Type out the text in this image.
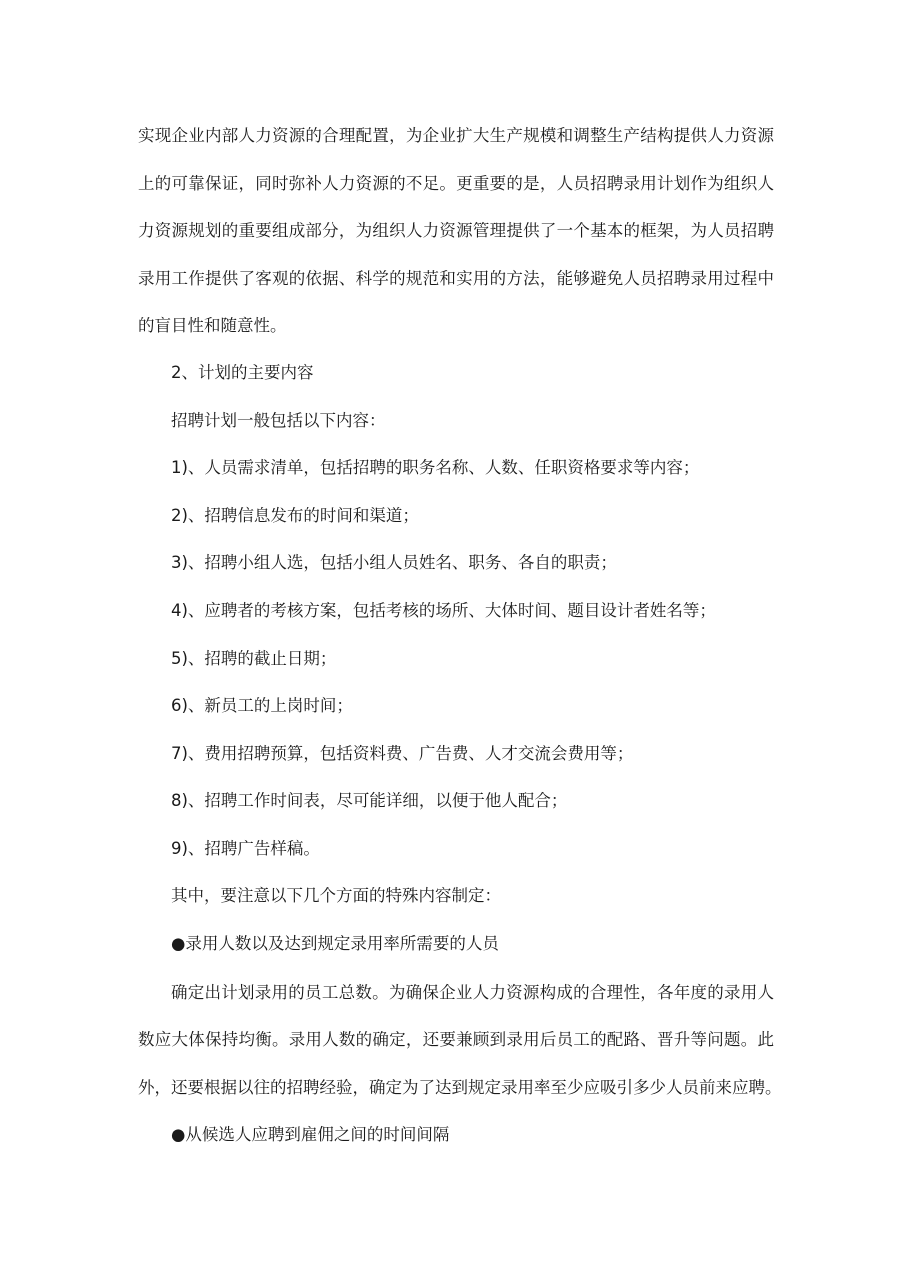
实现企业内部人力资源的合理配置，为企业扩大生产规模和调整生产结构提供人力资源

上的可靠保证，同时弥补人力资源的不足。更重要的是，人员招聘录用计划作为组织人

力资源规划的重要组成部分，为组织人力资源管理提供了一个基本的框架，为人员招聘

录用工作提供了客观的依据、科学的规范和实用的方法，能够避免人员招聘录用过程中

的盲目性和随意性。

2、计划的主要内容

招聘计划一般包括以下内容：

1)、人员需求清单，包括招聘的职务名称、人数、任职资格要求等内容；

2)、招聘信息发布的时间和渠道；

3)、招聘小组人选，包括小组人员姓名、职务、各自的职责；

4)、应聘者的考核方案，包括考核的场所、大体时间、题目设计者姓名等；

5)、招聘的截止日期；

6)、新员工的上岗时间；

7)、费用招聘预算，包括资料费、广告费、人才交流会费用等；

8)、招聘工作时间表，尽可能详细，以便于他人配合；

9)、招聘广告样稿。

其中，要注意以下几个方面的特殊内容制定：

●录用人数以及达到规定录用率所需要的人员

确定出计划录用的员工总数。为确保企业人力资源构成的合理性，各年度的录用人

数应大体保持均衡。录用人数的确定，还要兼顾到录用后员工的配路、晋升等问题。此

外，还要根据以往的招聘经验，确定为了达到规定录用率至少应吸引多少人员前来应聘。

●从候选人应聘到雇佣之间的时间间隔
